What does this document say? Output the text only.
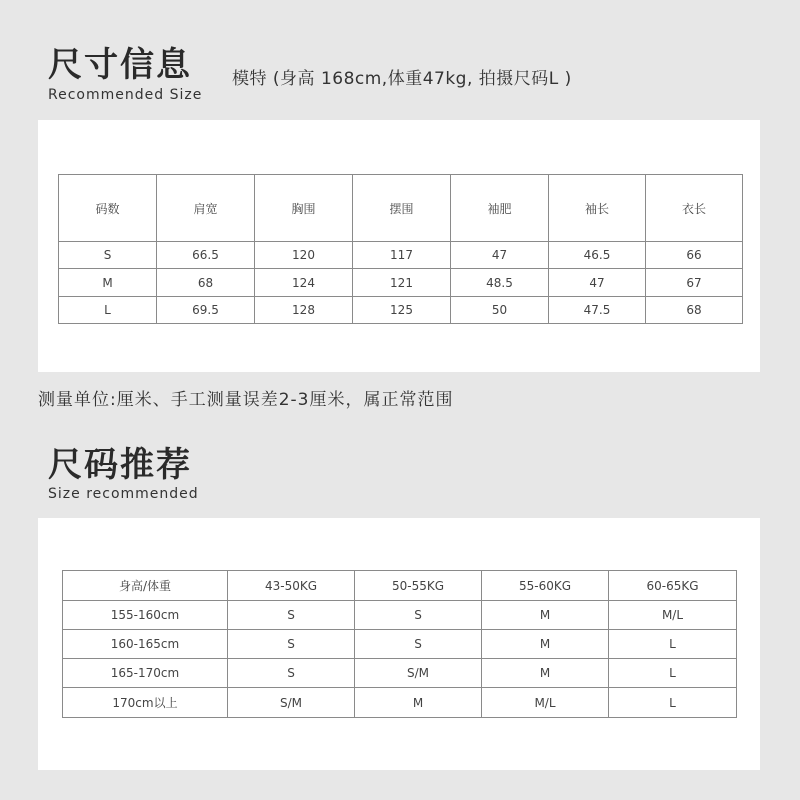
尺寸信息
Recommended Size
模特 (身高 168cm,体重47kg, 拍摄尺码L )
码数	肩宽	胸围	摆围	袖肥	袖长	衣长
S	66.5	120	117	47	46.5	66
M	68	124	121	48.5	47	67
L	69.5	128	125	50	47.5	68
测量单位:厘米、手工测量误差2-3厘米，属正常范围
尺码推荐
Size recommended
身高/体重	43-50KG	50-55KG	55-60KG	60-65KG
155-160cm	S	S	M	M/L
160-165cm	S	S	M	L
165-170cm	S	S/M	M	L
170cm以上	S/M	M	M/L	L
